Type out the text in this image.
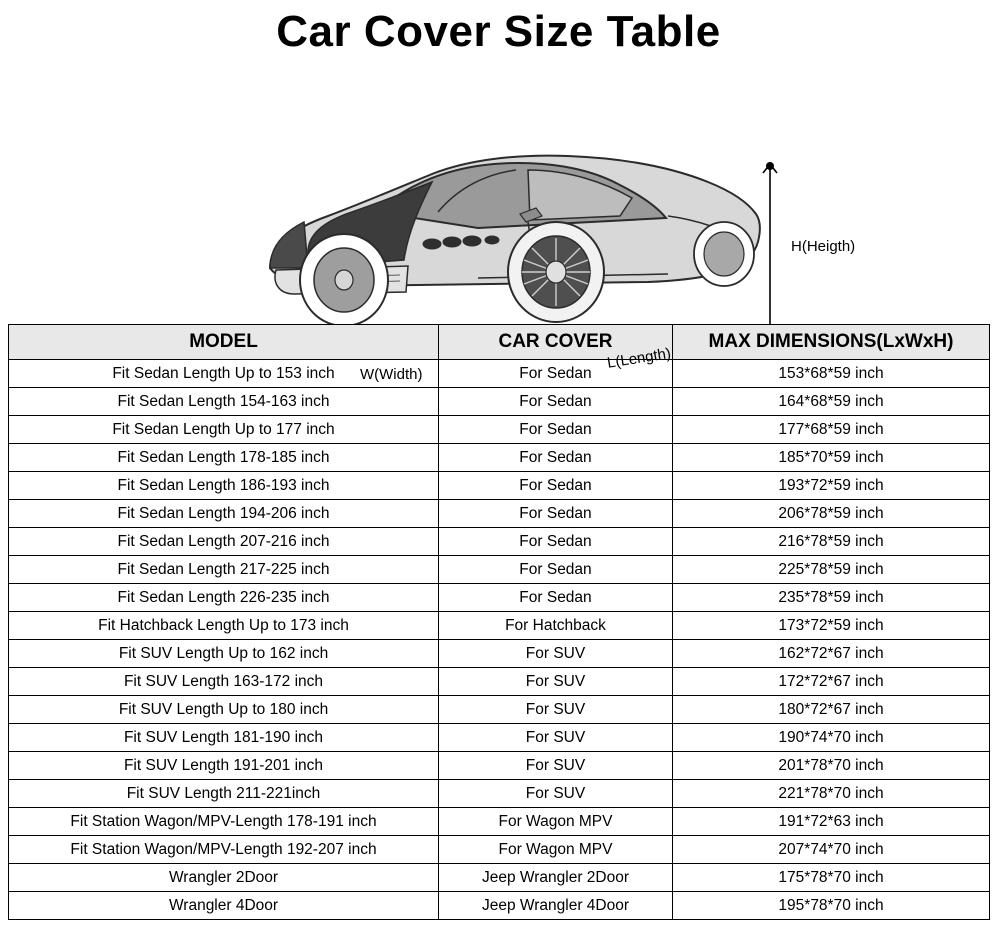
Car Cover Size Table
H(Heigth)
W(Width)
L(Length)
MODEL	CAR COVER	MAX DIMENSIONS(LxWxH)
Fit Sedan Length Up to 153 inch	For Sedan	153*68*59 inch
Fit Sedan Length 154-163 inch	For Sedan	164*68*59 inch
Fit Sedan Length Up to 177 inch	For Sedan	177*68*59 inch
Fit Sedan Length 178-185 inch	For Sedan	185*70*59 inch
Fit Sedan Length 186-193 inch	For Sedan	193*72*59 inch
Fit Sedan Length 194-206 inch	For Sedan	206*78*59 inch
Fit Sedan Length 207-216 inch	For Sedan	216*78*59 inch
Fit Sedan Length 217-225 inch	For Sedan	225*78*59 inch
Fit Sedan Length 226-235 inch	For Sedan	235*78*59 inch
Fit Hatchback Length Up to 173 inch	For Hatchback	173*72*59 inch
Fit SUV Length Up to 162 inch	For SUV	162*72*67 inch
Fit SUV Length 163-172 inch	For SUV	172*72*67 inch
Fit SUV Length Up to 180 inch	For SUV	180*72*67 inch
Fit SUV Length 181-190 inch	For SUV	190*74*70 inch
Fit SUV Length 191-201 inch	For SUV	201*78*70 inch
Fit SUV Length 211-221inch	For SUV	221*78*70 inch
Fit Station Wagon/MPV-Length 178-191 inch	For Wagon MPV	191*72*63 inch
Fit Station Wagon/MPV-Length 192-207 inch	For Wagon MPV	207*74*70 inch
Wrangler 2Door	Jeep Wrangler 2Door	175*78*70 inch
Wrangler 4Door	Jeep Wrangler 4Door	195*78*70 inch
